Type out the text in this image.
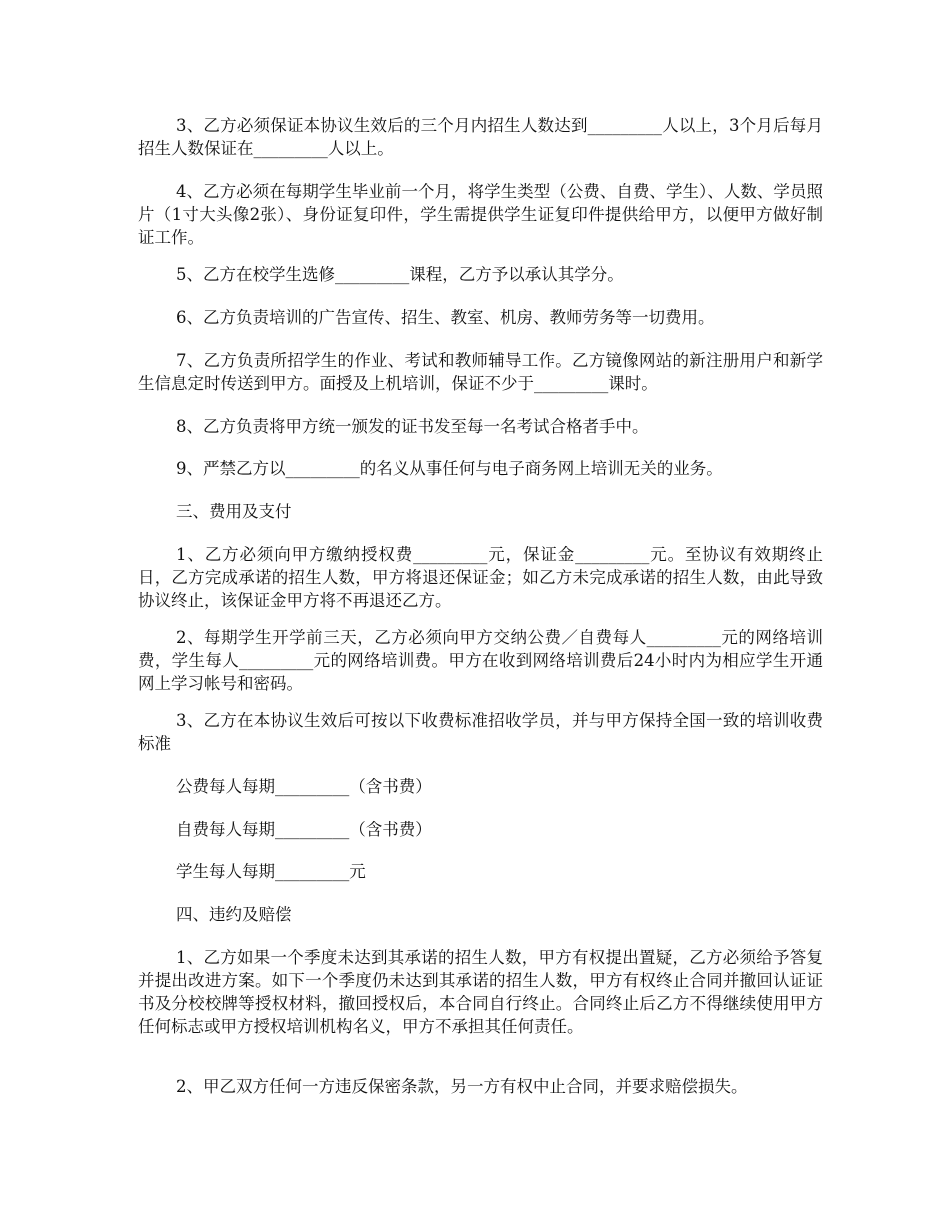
3、乙方必须保证本协议生效后的三个月内招生人数达到_________人以上，3个月后每月招生人数保证在_________人以上。

4、乙方必须在每期学生毕业前一个月，将学生类型（公费、自费、学生）、人数、学员照片（1寸大头像2张）、身份证复印件，学生需提供学生证复印件提供给甲方，以便甲方做好制证工作。

5、乙方在校学生选修_________课程，乙方予以承认其学分。

6、乙方负责培训的广告宣传、招生、教室、机房、教师劳务等一切费用。

7、乙方负责所招学生的作业、考试和教师辅导工作。乙方镜像网站的新注册用户和新学生信息定时传送到甲方。面授及上机培训，保证不少于_________课时。

8、乙方负责将甲方统一颁发的证书发至每一名考试合格者手中。

9、严禁乙方以_________的名义从事任何与电子商务网上培训无关的业务。

三、费用及支付

1、乙方必须向甲方缴纳授权费_________元，保证金_________元。至协议有效期终止日，乙方完成承诺的招生人数，甲方将退还保证金；如乙方未完成承诺的招生人数，由此导致协议终止，该保证金甲方将不再退还乙方。

2、每期学生开学前三天，乙方必须向甲方交纳公费／自费每人_________元的网络培训费，学生每人_________元的网络培训费。甲方在收到网络培训费后24小时内为相应学生开通网上学习帐号和密码。

3、乙方在本协议生效后可按以下收费标准招收学员，并与甲方保持全国一致的培训收费标准

公费每人每期_________（含书费）

自费每人每期_________（含书费）

学生每人每期_________元

四、违约及赔偿

1、乙方如果一个季度未达到其承诺的招生人数，甲方有权提出置疑，乙方必须给予答复并提出改进方案。如下一个季度仍未达到其承诺的招生人数，甲方有权终止合同并撤回认证证书及分校校牌等授权材料，撤回授权后，本合同自行终止。合同终止后乙方不得继续使用甲方任何标志或甲方授权培训机构名义，甲方不承担其任何责任。

2、甲乙双方任何一方违反保密条款，另一方有权中止合同，并要求赔偿损失。
